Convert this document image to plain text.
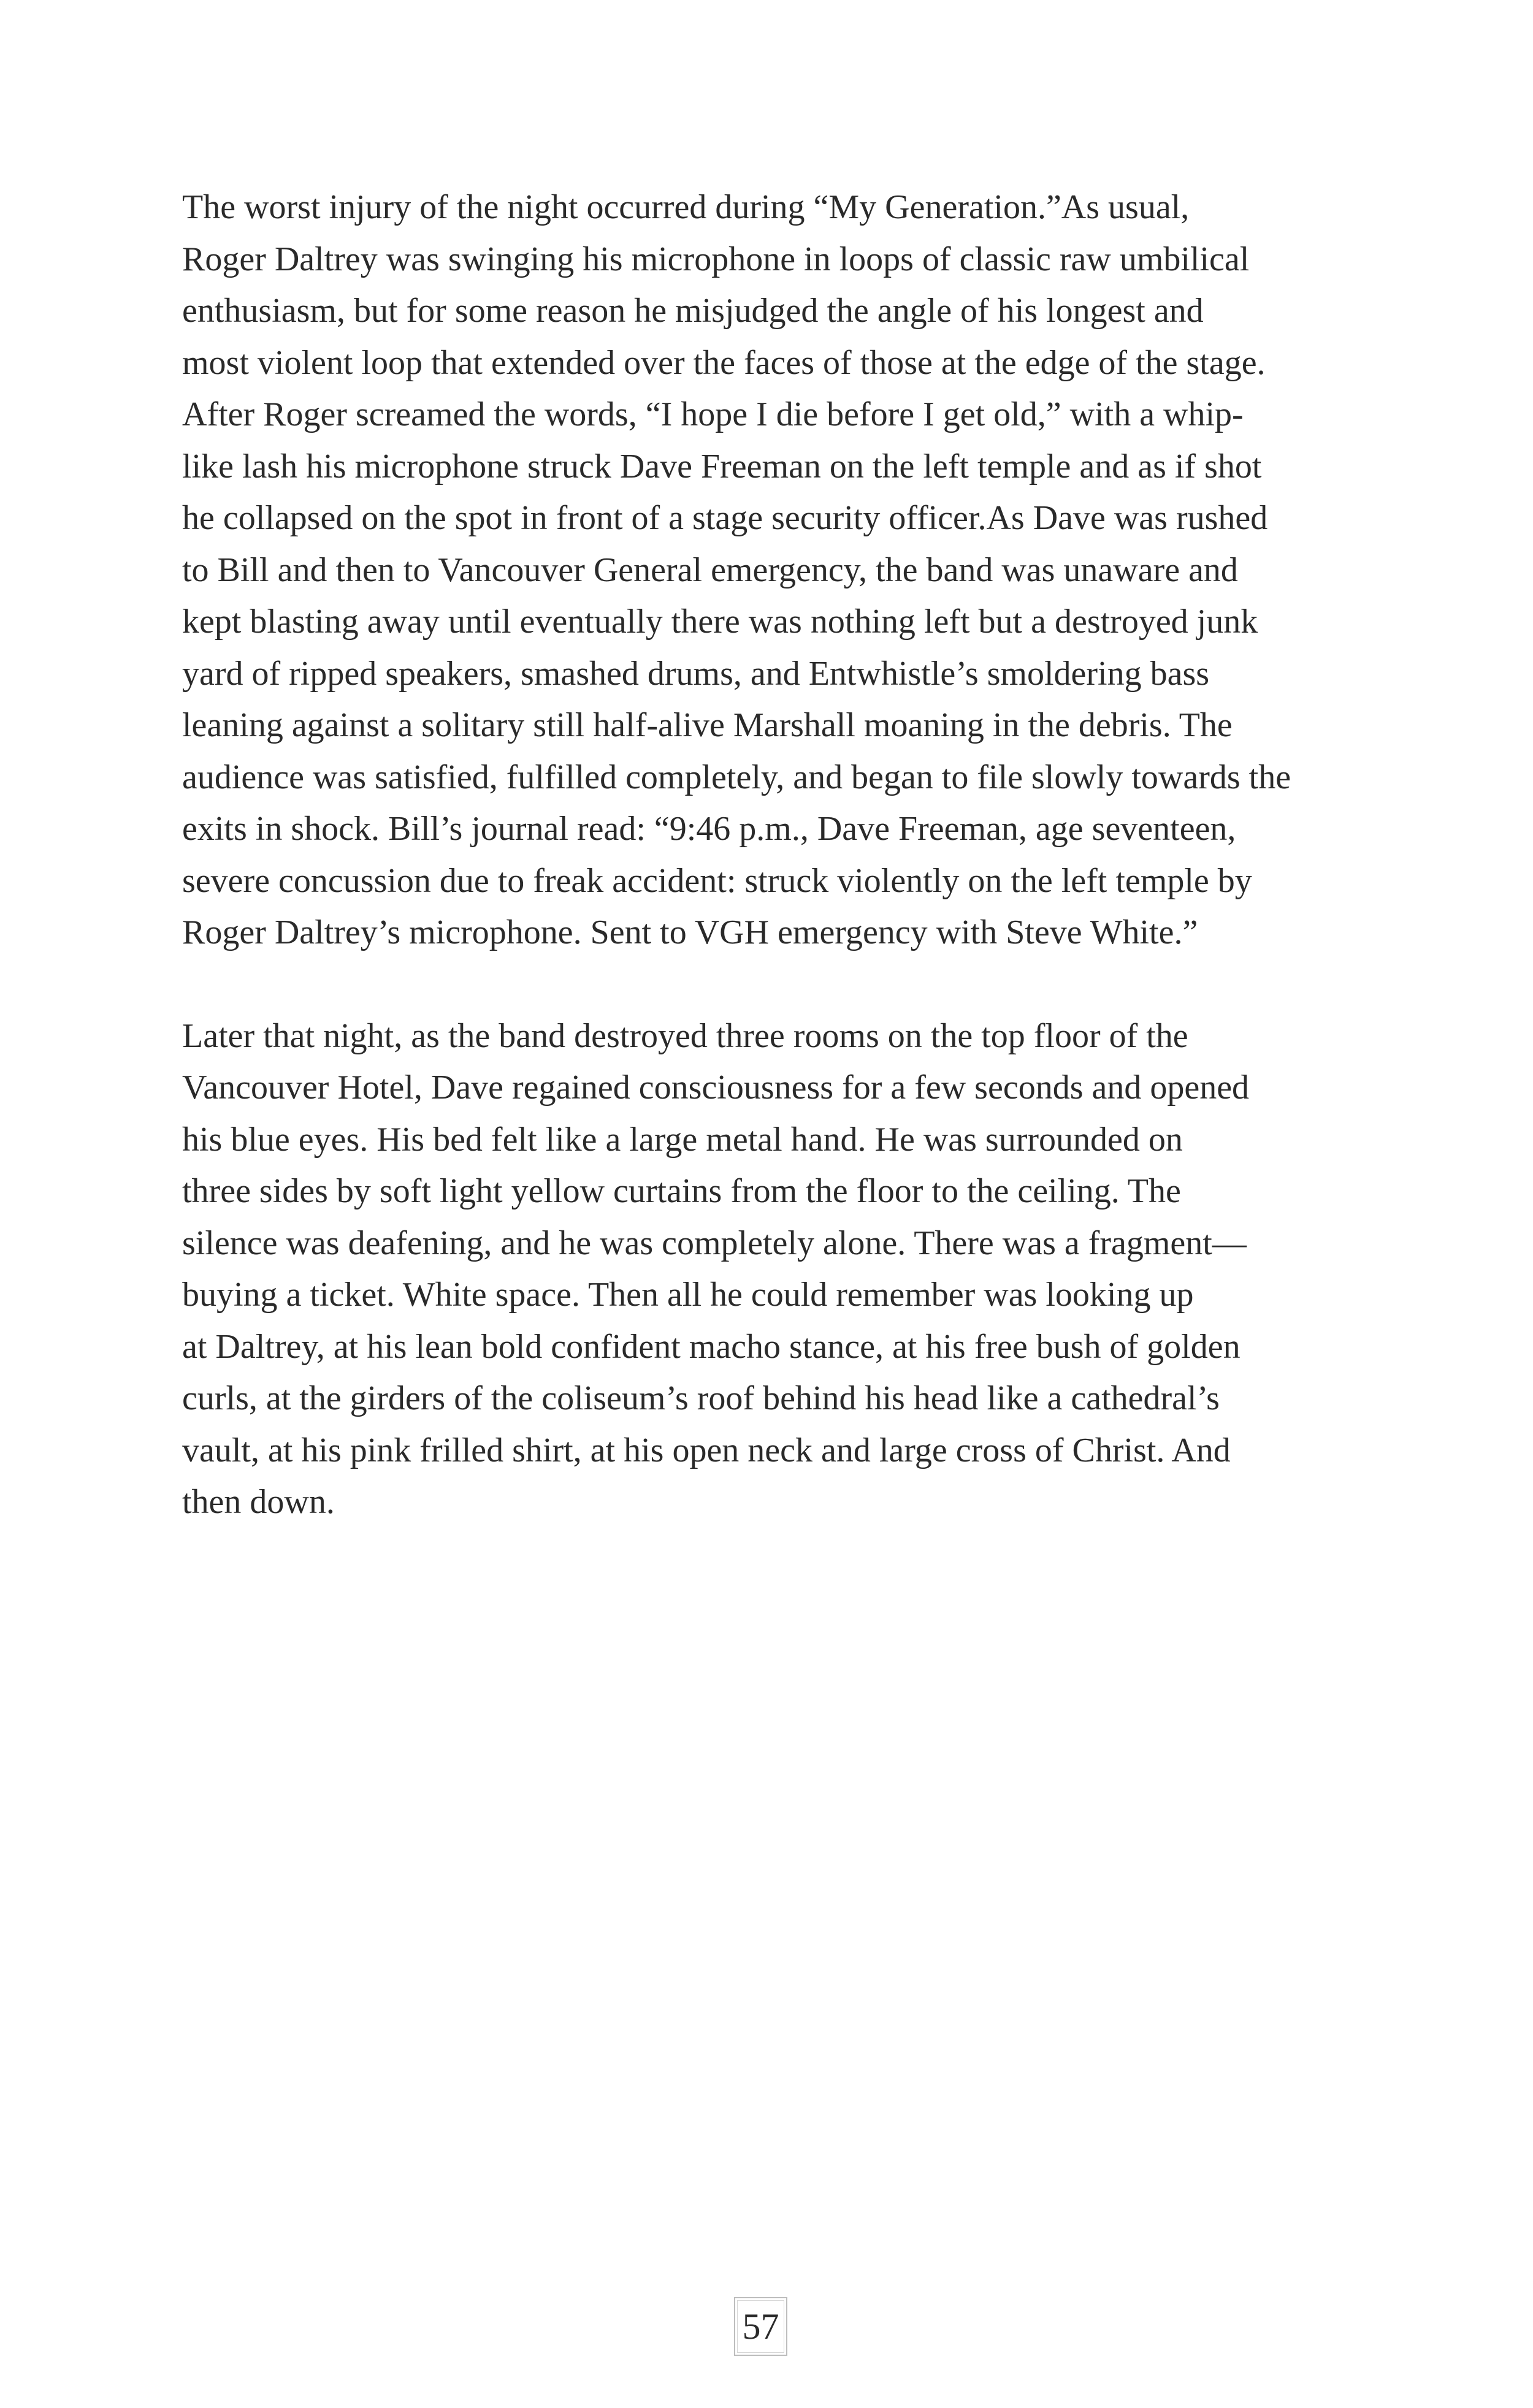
The worst injury of the night occurred during “My Generation.”As usual,
Roger Daltrey was swinging his microphone in loops of classic raw umbilical
enthusiasm, but for some reason he misjudged the angle of his longest and
most violent loop that extended over the faces of those at the edge of the stage.
After Roger screamed the words, “I hope I die before I get old,” with a whip-
like lash his microphone struck Dave Freeman on the left temple and as if shot
he collapsed on the spot in front of a stage security officer.As Dave was rushed
to Bill and then to Vancouver General emergency, the band was unaware and
kept blasting away until eventually there was nothing left but a destroyed junk
yard of ripped speakers, smashed drums, and Entwhistle’s smoldering bass
leaning against a solitary still half-alive Marshall moaning in the debris. The
audience was satisfied, fulfilled completely, and began to file slowly towards the
exits in shock. Bill’s journal read: “9:46 p.m., Dave Freeman, age seventeen,
severe concussion due to freak accident: struck violently on the left temple by
Roger Daltrey’s microphone. Sent to VGH emergency with Steve White.”

Later that night, as the band destroyed three rooms on the top floor of the
Vancouver Hotel, Dave regained consciousness for a few seconds and opened
his blue eyes. His bed felt like a large metal hand. He was surrounded on
three sides by soft light yellow curtains from the floor to the ceiling. The
silence was deafening, and he was completely alone. There was a fragment—
buying a ticket. White space. Then all he could remember was looking up
at Daltrey, at his lean bold confident macho stance, at his free bush of golden
curls, at the girders of the coliseum’s roof behind his head like a cathedral’s
vault, at his pink frilled shirt, at his open neck and large cross of Christ. And
then down.

57
